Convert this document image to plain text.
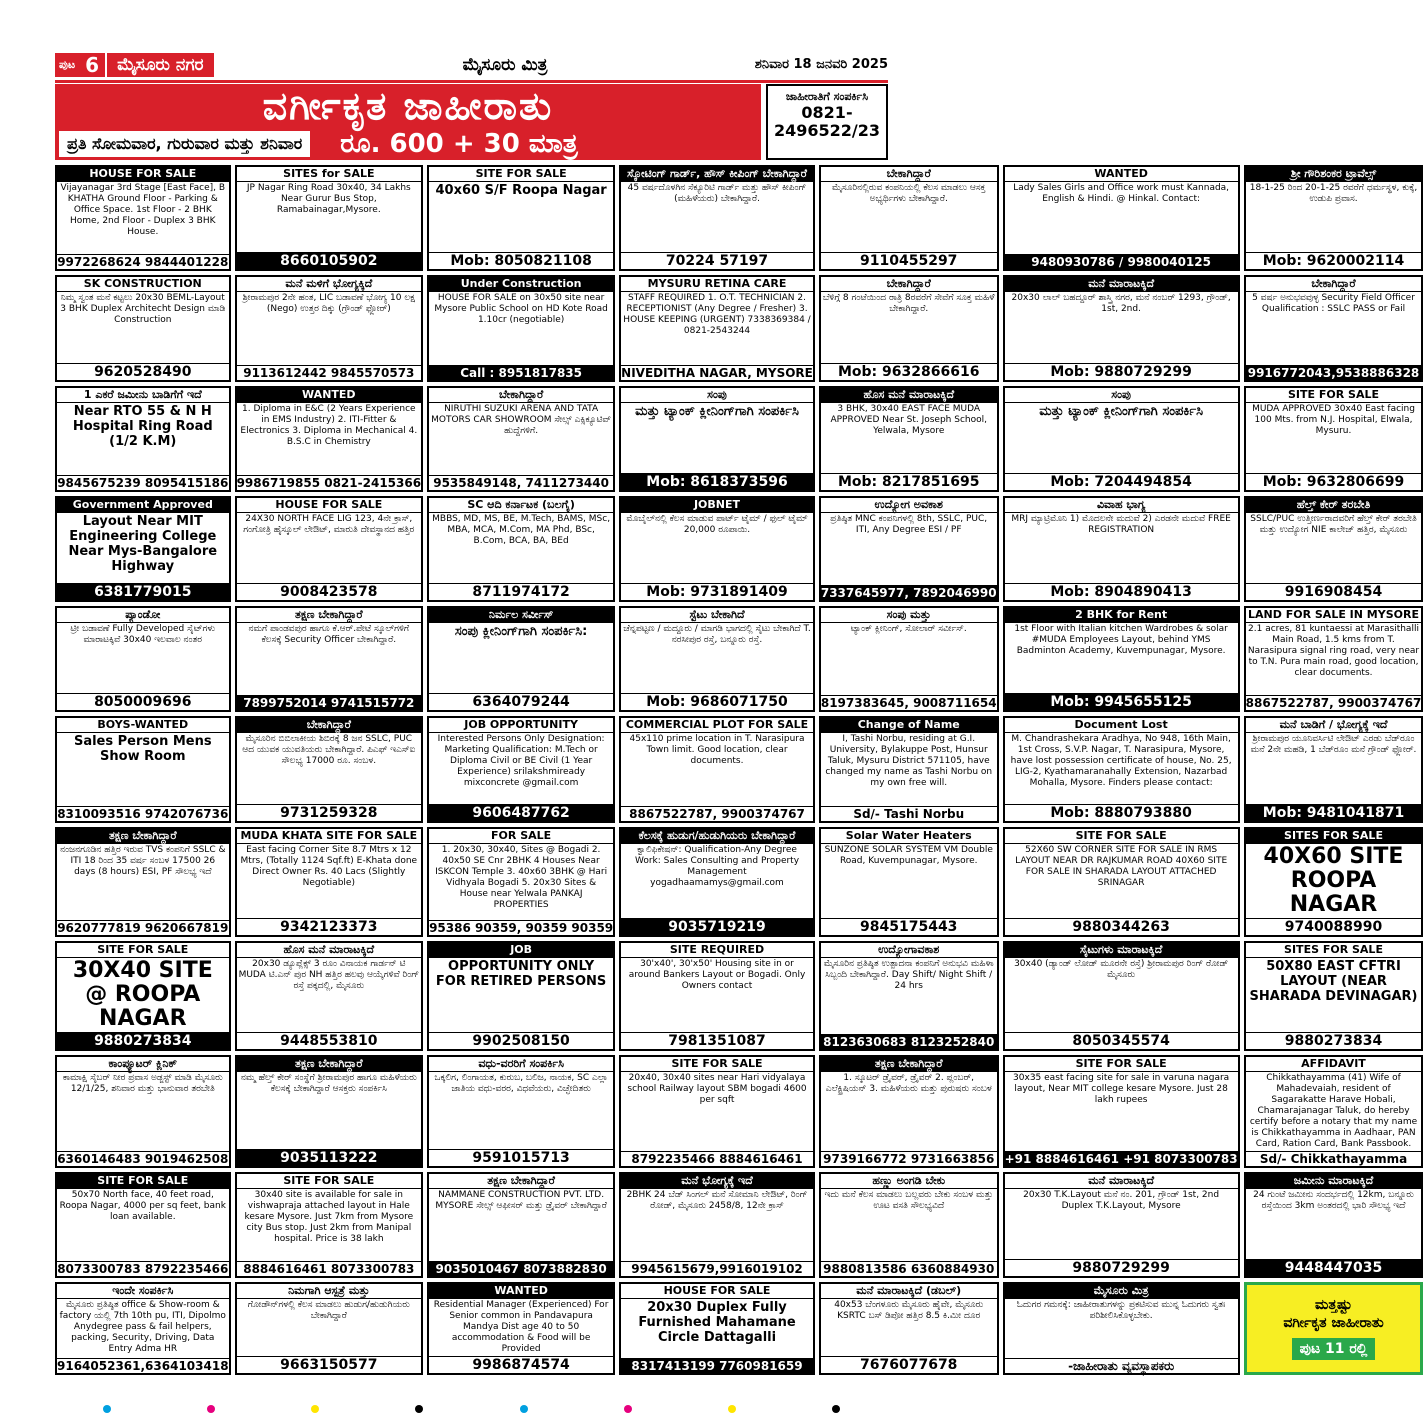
ಪುಟ 6	ಮೈಸೂರು ನಗರ	ಮೈಸೂರು ಮಿತ್ರ	ಶನಿವಾರ 18 ಜನವರಿ 2025
ವರ್ಗೀಕೃತ ಜಾಹೀರಾತು
ಪ್ರತಿ ಸೋಮವಾರ, ಗುರುವಾರ ಮತ್ತು ಶನಿವಾರ	ರೂ. 600 + 30 ಮಾತ್ರ
ಜಾಹೀರಾತಿಗೆ ಸಂಪರ್ಕಿಸಿ
0821-
2496522/23
HOUSE FOR SALE
Vijayanagar 3rd Stage [East Face], B KHATHA Ground Floor - Parking & Office Space. 1st Floor - 2 BHK Home, 2nd Floor - Duplex 3 BHK House.
9972268624 9844401228
SITES for SALE
JP Nagar Ring Road 30x40, 34 Lakhs Near Gurur Bus Stop, Ramabainagar,Mysore.
8660105902
SITE FOR SALE
40x60 S/F Roopa Nagar
Mob: 8050821108
ಸ್ಕೋಟಿಂಗ್ ಗಾರ್ಡ್, ಹೌಸ್ ಕೀಪಿಂಗ್ ಬೇಕಾಗಿದ್ದಾರೆ
45 ವರ್ಷದೊಳಗಿನ ಸೆಕ್ಯೂರಿಟಿ ಗಾರ್ಡ್ ಮತ್ತು ಹೌಸ್ ಕೀಪಿಂಗ್ (ಮಹಿಳೆಯರು) ಬೇಕಾಗಿದ್ದಾರೆ.
70224 57197
ಬೇಕಾಗಿದ್ದಾರೆ
ಮೈಸೂರಿನಲ್ಲಿರುವ ಕಂಪನಿಯಲ್ಲಿ ಕೆಲಸ ಮಾಡಲು ಆಸಕ್ತ ಅಭ್ಯರ್ಥಿಗಳು ಬೇಕಾಗಿದ್ದಾರೆ.
9110455297
WANTED
Lady Sales Girls and Office work must Kannada, English & Hindi. @ Hinkal. Contact:
9480930786 / 9980040125
ಶ್ರೀ ಗೌರಿಶಂಕರ ಟ್ರಾವೆಲ್ಸ್
18-1-25 ರಿಂದ 20-1-25 ರವರೆಗೆ ಧರ್ಮಸ್ಥಳ, ಕುಕ್ಕೆ, ಉಡುಪಿ ಪ್ರವಾಸ.
Mob: 9620002114
SK CONSTRUCTION
ನಿಮ್ಮ ಸ್ವಂತ ಮನೆ ಕಟ್ಟಲು 20x30 BEML-Layout 3 BHK Duplex Architecht Design ಮಾಡಿ Construction
9620528490
ಮನೆ ಮಳಿಗೆ ಭೋಗ್ಯಕ್ಕಿದೆ
ಶ್ರೀರಾಮಪುರ 2ನೇ ಹಂತ, LIC ಬಡಾವಣೆ ಭೋಗ್ಯ 10 ಲಕ್ಷ (Nego) ಉತ್ತರ ದಿಕ್ಕು (ಗ್ರೌಂಡ್ ಫ್ಲೋರ್)
9113612442 9845570573
Under Construction
HOUSE FOR SALE on 30x50 site near Mysore Public School on HD Kote Road 1.10cr (negotiable)
Call : 8951817835
MYSURU RETINA CARE
STAFF REQUIRED 1. O.T. TECHNICIAN 2. RECEPTIONIST (Any Degree / Fresher) 3. HOUSE KEEPING (URGENT) 7338369384 / 0821-2543244
NIVEDITHA NAGAR, MYSORE
ಬೇಕಾಗಿದ್ದಾರೆ
ಬೆಳಿಗ್ಗೆ 8 ಗಂಟೆಯಿಂದ ರಾತ್ರಿ 8ರವರೆಗೆ ಸೇವೆಗೆ ಸೂಕ್ತ ಮಹಿಳೆ ಬೇಕಾಗಿದ್ದಾರೆ.
Mob: 9632866616
ಮನೆ ಮಾರಾಟಕ್ಕಿದೆ
20x30 ಲಾಲ್ ಬಹದ್ದೂರ್ ಶಾಸ್ತ್ರಿ ನಗರ, ಮನೆ ನಂಬರ್ 1293, ಗ್ರೌಂಡ್, 1st, 2nd.
Mob: 9880729299
ಬೇಕಾಗಿದ್ದಾರೆ
5 ವರ್ಷ ಅನುಭವವುಳ್ಳ Security Field Officer Qualification : SSLC PASS or Fail
9916772043,9538886328
1 ಎಕರೆ ಜಮೀನು ಬಾಡಿಗೆಗೆ ಇದೆ
Near RTO 55 & N H Hospital Ring Road (1/2 K.M)
9845675239 8095415186
WANTED
1. Diploma in E&C (2 Years Experience in EMS Industry) 2. ITI-Fitter & Electronics 3. Diploma in Mechanical 4. B.S.C in Chemistry
9986719855 0821-2415366
ಬೇಕಾಗಿದ್ದಾರೆ
NIRUTHI SUZUKI ARENA AND TATA MOTORS CAR SHOWROOM ಸೇಲ್ಸ್ ಎಕ್ಸಿಕ್ಯೂಟಿವ್ ಹುದ್ದೆಗಳಿಗೆ.
9535849148, 7411273440
ಸಂಪು
ಮತ್ತು ಟ್ಯಾಂಕ್ ಕ್ಲೀನಿಂಗ್‌ಗಾಗಿ ಸಂಪರ್ಕಿಸಿ
Mob: 8618373596
ಹೊಸ ಮನೆ ಮಾರಾಟಕ್ಕಿದೆ
3 BHK, 30x40 EAST FACE MUDA APPROVED Near St. Joseph School, Yelwala, Mysore
Mob: 8217851695
ಸಂಪು
ಮತ್ತು ಟ್ಯಾಂಕ್ ಕ್ಲೀನಿಂಗ್‌ಗಾಗಿ ಸಂಪರ್ಕಿಸಿ
Mob: 7204494854
SITE FOR SALE
MUDA APPROVED 30x40 East facing 100 Mts. from N.J. Hospital, Elwala, Mysuru.
Mob: 9632806699
Government Approved
Layout Near MIT Engineering College Near Mys-Bangalore Highway
6381779015
HOUSE FOR SALE
24X30 NORTH FACE LIG 123, 4ನೇ ಕ್ರಾಸ್, ಗಂಗೋತ್ರಿ ಹೈಸ್ಕೂಲ್ ಲೇಔಟ್, ಮಾರುತಿ ದೇವಸ್ಥಾನದ ಹತ್ತಿರ
9008423578
SC ಆದಿ ಕರ್ನಾಟಕ (ಬಲಗೈ)
MBBS, MD, MS, BE, M.Tech, BAMS, MSc, MBA, MCA, M.Com, MA Phd, BSc, B.Com, BCA, BA, BEd
8711974172
JOBNET
ಮೊಬೈಲ್‌ನಲ್ಲಿ ಕೆಲಸ ಮಾಡುವ ಪಾರ್ಟ್ ಟೈಮ್ / ಫುಲ್ ಟೈಮ್ 20,000 ರೂಪಾಯಿ.
Mob: 9731891409
ಉದ್ಯೋಗ ಅವಕಾಶ
ಪ್ರತಿಷ್ಠಿತ MNC ಕಂಪನಿಗಳಲ್ಲಿ 8th, SSLC, PUC, ITI, Any Degree ESI / PF
7337645977, 7892046990
ವಿವಾಹ ಭಾಗ್ಯ
MRJ ಮ್ಯಾಟ್ರಿಮೊನಿ 1) ಮೊದಲನೇ ಮದುವೆ 2) ಎರಡನೇ ಮದುವೆ FREE REGISTRATION
Mob: 8904890413
ಹೆಲ್ತ್ ಕೇರ್ ತರಬೇತಿ
SSLC/PUC ಉತ್ತೀರ್ಣರಾದವರಿಗೆ ಹೆಲ್ತ್ ಕೇರ್ ತರಬೇತಿ ಮತ್ತು ಉದ್ಯೋಗ NIE ಕಾಲೇಜ್ ಹತ್ತಿರ, ಮೈಸೂರು
9916908454
ಪ್ಯಾಂಡೋ
ಟ್ರೀ ಬಡಾವಣೆ Fully Developed ಸೈಟ್‌ಗಳು ಮಾರಾಟಕ್ಕಿವೆ 30x40 ಇಲವಾಲ ನಂತರ
8050009696
ತಕ್ಷಣ ಬೇಕಾಗಿದ್ದಾರೆ
ನಮಗೆ ಪಾಂಡವಪುರ ಹಾಗೂ ಕೆ.ಆರ್.ಪೇಟೆ ಸ್ಕೂಲ್‌ಗಳಿಗೆ ಕೆಲಸಕ್ಕೆ Security Officer ಬೇಕಾಗಿದ್ದಾರೆ.
7899752014 9741515772
ನಿರ್ಮಲ ಸರ್ವೀಸ್
ಸಂಪು ಕ್ಲೀನಿಂಗ್‌ಗಾಗಿ ಸಂಪರ್ಕಿಸಿ:
6364079244
ಸ್ಟೆಟು ಬೇಕಾಗಿದೆ
ಚೆನ್ನಪಟ್ಟಣ / ಮದ್ದೂರು / ಮಾಗಡಿ ಭಾಗದಲ್ಲಿ ಸೈಟು ಬೇಕಾಗಿದೆ T. ನರಸೀಪುರ ರಸ್ತೆ, ಬನ್ನೂರು ರಸ್ತೆ.
Mob: 9686071750
ಸಂಪು ಮತ್ತು
ಟ್ಯಾಂಕ್ ಕ್ಲೀನಿಂಗ್, ಸೋಲಾರ್ ಸರ್ವೀಸ್.
8197383645, 9008711654
2 BHK for Rent
1st Floor with Italian kitchen Wardrobes & solar #MUDA Employees Layout, behind YMS Badminton Academy, Kuvempunagar, Mysore.
Mob: 9945655125
LAND FOR SALE IN MYSORE
2.1 acres, 81 kuntaessi at Marasithalli Main Road, 1.5 kms from T. Narasipura signal ring road, very near to T.N. Pura main road, good location, clear documents.
8867522787, 9900374767
BOYS-WANTED
Sales Person Mens Show Room
8310093516 9742076736
ಬೇಕಾಗಿದ್ದಾರೆ
ಮೈಸೂರಿನ ಬಿಬಿಲಾಕೀಯ ಶಿಬಿರಕ್ಕೆ 8 ಜನ SSLC, PUC ಆದ ಯುವಕ ಯುವತಿಯರು ಬೇಕಾಗಿದ್ದಾರೆ. ಪಿಎಫ್ ಇಎಸ್ಐ ಸೌಲಭ್ಯ 17000 ರೂ. ಸಂಬಳ.
9731259328
JOB OPPORTUNITY
Interested Persons Only Designation: Marketing Qualification: M.Tech or Diploma Civil or BE Civil (1 Year Experience) srilakshmiready mixconcrete @gmail.com
9606487762
COMMERCIAL PLOT FOR SALE
45x110 prime location in T. Narasipura Town limit. Good location, clear documents.
8867522787, 9900374767
Change of Name
I, Tashi Norbu, residing at G.I. University, Bylakuppe Post, Hunsur Taluk, Mysuru District 571105, have changed my name as Tashi Norbu on my own free will.
Sd/- Tashi Norbu
Document Lost
M. Chandrashekara Aradhya, No 948, 16th Main, 1st Cross, S.V.P. Nagar, T. Narasipura, Mysore, have lost possession certificate of house, No. 25, LIG-2, Kyathamaranahally Extension, Nazarbad Mohalla, Mysore. Finders please contact:
Mob: 8880793880
ಮನೆ ಬಾಡಿಗೆ / ಭೋಗ್ಯಕ್ಕೆ ಇದೆ
ಶ್ರೀರಾಮಪುರ ಯೂನಿವರ್ಸಿಟಿ ಲೇಔಟ್ ಎರಡು ಬೆಡ್‌ರೂಂ ಮನೆ 2ನೇ ಮಹಡಿ, 1 ಬೆಡ್‌ರೂಂ ಮನೆ ಗ್ರೌಂಡ್ ಫ್ಲೋರ್.
Mob: 9481041871
ತಕ್ಷಣ ಬೇಕಾಗಿದ್ದಾರೆ
ನಂಜನಗೂಡಿನ ಹತ್ತಿರ ಇರುವ TVS ಕಂಪನಿಗೆ SSLC & ITI 18 ರಿಂದ 35 ವರ್ಷ ಸಂಬಳ 17500 26 days (8 hours) ESI, PF ಸೌಲಭ್ಯ ಇದೆ
9620777819 9620667819
MUDA KHATA SITE FOR SALE
East facing Corner Site 8.7 Mtrs x 12 Mtrs, (Totally 1124 Sqf.ft) E-Khata done Direct Owner Rs. 40 Lacs (Slightly Negotiable)
9342123373
FOR SALE
1. 20x30, 30x40, Sites @ Bogadi 2. 40x50 SE Cnr 2BHK 4 Houses Near ISKCON Temple 3. 40x60 3BHK @ Hari Vidhyala Bogadi 5. 20x30 Sites & House near Yelwala PANKAJ PROPERTIES
95386 90359, 90359 90359
ಕೆಲಸಕ್ಕೆ ಹುಡುಗ/ಹುಡುಗಿಯರು ಬೇಕಾಗಿದ್ದಾರೆ
ಕ್ವಾಲಿಫಿಕೇಷನ್: Qualification-Any Degree Work: Sales Consulting and Property Management yogadhaamamys@gmail.com
9035719219
Solar Water Heaters
SUNZONE SOLAR SYSTEM VM Double Road, Kuvempunagar, Mysore.
9845175443
SITE FOR SALE
52X60 SW CORNER SITE FOR SALE IN RMS LAYOUT NEAR DR RAJKUMAR ROAD 40X60 SITE FOR SALE IN SHARADA LAYOUT ATTACHED SRINAGAR
9880344263
SITES FOR SALE
40X60 SITE ROOPA NAGAR
9740088990
SITE FOR SALE
30X40 SITE @ ROOPA NAGAR
9880273834
ಹೊಸ ಮನೆ ಮಾರಾಟಕ್ಕಿದೆ
20x30 ಡ್ಯೂಪ್ಲೆಕ್ಸ್ 3 ರೂಂ ವಿನಾಯಕ ಗಾರ್ಡನ್ ಟಿ MUDA ಟಿ.ಎನ್ ಪುರ NH ಹತ್ತಿರ ಹಲವು ಆಯ್ಕೆಗಳಿವೆ ರಿಂಗ್ ರಸ್ತೆ ಪಕ್ಕದಲ್ಲಿ, ಮೈಸೂರು
9448553810
JOB
OPPORTUNITY ONLY FOR RETIRED PERSONS
9902508150
SITE REQUIRED
30'x40', 30'x50' Housing site in or around Bankers Layout or Bogadi. Only Owners contact
7981351087
ಉದ್ಯೋಗಾವಕಾಶ
ಮೈಸೂರಿನ ಪ್ರತಿಷ್ಠಿತ ಉತ್ಪಾದನಾ ಕಂಪನಿಗೆ ಅನುಭವಿ ಮಹಿಳಾ ಸಿಬ್ಬಂದಿ ಬೇಕಾಗಿದ್ದಾರೆ. Day Shift/ Night Shift / 24 hrs
8123630683 8123252840
ಸೈಟುಗಳು ಮಾರಾಟಕ್ಕಿದೆ
30x40 (ಡ್ಯಾಂಡ್ ಲೋಡ್ ಮೂರನೇ ರಸ್ತೆ) ಶ್ರೀರಾಮಪುರ ರಿಂಗ್ ರೋಡ್ ಮೈಸೂರು
8050345574
SITES FOR SALE
50X80 EAST CFTRI LAYOUT (NEAR SHARADA DEVINAGAR)
9880273834
ಕಾಂಪ್ಯೂಟರ್ ಕ್ಲಿನಿಕ್
ಕಾಮಾಕ್ಷಿ ಸೈಬರ್ ನೀರ ಪ್ರವಾಸ ಅಡ್ಜಸ್ಟ್ ಮಾಡಿ ಮೈಸೂರು 12/1/25, ಶನಿವಾರ ಮತ್ತು ಭಾನುವಾರ ತರಬೇತಿ
6360146483 9019462508
ತಕ್ಷಣ ಬೇಕಾಗಿದ್ದಾರೆ
ನಮ್ಮ ಹೆಲ್ತ್ ಕೇರ್ ಸಂಸ್ಥೆಗೆ ಶ್ರೀರಾಮಪುರ ಹಾಗೂ ಮಹಿಳೆಯರು ಕೆಲಸಕ್ಕೆ ಬೇಕಾಗಿದ್ದಾರೆ ಆಸಕ್ತರು ಸಂಪರ್ಕಿಸಿ
9035113222
ವಧು-ವರರಿಗೆ ಸಂಪರ್ಕಿಸಿ
ಒಕ್ಕಲಿಗ, ಲಿಂಗಾಯತ, ಕುರುಬ, ಬಲಿಜ, ನಾಯಕ, SC ಎಲ್ಲಾ ಜಾತಿಯ ವಧು-ವರರ, ವಿಧವೆಯರು, ವಿಚ್ಛೇದಿತರು
9591015713
SITE FOR SALE
20x40, 30x40 sites near Hari vidyalaya school Railway layout SBM bogadi 4600 per sqft
8792235466 8884616461
ತಕ್ಷಣ ಬೇಕಾಗಿದ್ದಾರೆ
1. ಸ್ಕೂಟರ್ ಡ್ರೈವರ್, ಡ್ರೈವರ್ 2. ಪ್ಲಂಬರ್, ಎಲೆಕ್ಟ್ರಿಷಿಯನ್ 3. ಮಹಿಳೆಯರು ಮತ್ತು ಪುರುಷರು ಸಂಬಳ
9739166772 9731663856
SITE FOR SALE
30x35 east facing site for sale in varuna nagara layout, Near MIT college kesare Mysore. Just 28 lakh rupees
+91 8884616461 +91 8073300783
AFFIDAVIT
Chikkathayamma (41) Wife of Mahadevaiah, resident of Sagarakatte Harave Hobali, Chamarajanagar Taluk, do hereby certify before a notary that my name is Chikkathayamma in Aadhaar, PAN Card, Ration Card, Bank Passbook.
Sd/- Chikkathayamma
SITE FOR SALE
50x70 North face, 40 feet road, Roopa Nagar, 4000 per sq feet, bank loan available.
8073300783 8792235466
SITE FOR SALE
30x40 site is available for sale in vishwapraja attached layout in Hale kesare Mysore. Just 7km from Mysore city Bus stop. Just 2km from Manipal hospital. Price is 38 lakh
8884616461 8073300783
ತಕ್ಷಣ ಬೇಕಾಗಿದ್ದಾರೆ
NAMMANE CONSTRUCTION PVT. LTD. MYSORE ಸೇಲ್ಸ್ ಆಫೀಸರ್ ಮತ್ತು ಡ್ರೈವರ್ ಬೇಕಾಗಿದ್ದಾರೆ
9035010467 8073882830
ಮನೆ ಭೋಗ್ಯಕ್ಕೆ ಇದೆ
2BHK 24 ಬೆಡ್ ಸಿಂಗಲ್ ಮನೆ ಸೋಮಾನಿ ಲೇಔಟ್, ರಿಂಗ್ ರೋಡ್, ಮೈಸೂರು 2458/8, 12ನೇ ಕ್ರಾಸ್
9945615679,9916019102
ಹಣ್ಣು ಅಂಗಡಿ ಬೇಕು
ಇದು ಮನೆ ಕೆಲಸ ಮಾಡಲು ಬಲ್ಲವರು ಬೇಕು ಸಂಬಳ ಮತ್ತು ಊಟ ವಸತಿ ಸೌಲಭ್ಯವಿದೆ
9880813586 6360884930
ಮನೆ ಮಾರಾಟಕ್ಕಿದೆ
20x30 T.K.Layout ಮನೆ ನಂ. 201, ಗ್ರೌಂಡ್ 1st, 2nd Duplex T.K.Layout, Mysore
9880729299
ಜಮೀನು ಮಾರಾಟಕ್ಕಿದೆ
24 ಗುಂಟೆ ಜಮೀನು ಸಂದರ್ಭದಲ್ಲಿ 12km, ಬನ್ನೂರು ರಸ್ತೆಯಿಂದ 3km ಅಂತರದಲ್ಲಿ ಭಾರಿ ಸೌಲಭ್ಯ ಇದೆ
9448447035
ಇಂದೇ ಸಂಪರ್ಕಿಸಿ
ಮೈಸೂರು ಪ್ರತಿಷ್ಠಿತ office & Show-room & factory ಯಲ್ಲಿ 7th 10th pu, ITI, Dipolmo Anydegree pass & fail helpers, packing, Security, Driving, Data Entry Adma HR
9164052361,6364103418
ನಿಮಗಾಗಿ ಆಸ್ಪತ್ರೆ ಮತ್ತು
ಗೋಡೌನ್‌ಗಳಲ್ಲಿ ಕೆಲಸ ಮಾಡಲು ಹುಡುಗ/ಹುಡುಗಿಯರು ಬೇಕಾಗಿದ್ದಾರೆ
9663150577
WANTED
Residential Manager (Experienced) For Senior common in Pandavapura Mandya Dist age 40 to 50 accommodation & Food will be Provided
9986874574
HOUSE FOR SALE
20x30 Duplex Fully Furnished Mahamane Circle Dattagalli
8317413199 7760981659
ಮನೆ ಮಾರಾಟಕ್ಕಿದೆ (ಡಬಲ್)
40x53 ಬೆಂಗಳೂರು ಮೈಸೂರು ಹೈವೇ, ಮೈಸೂರು KSRTC ಬಸ್ ಡಿಪೋ ಹತ್ತಿರ 8.5 ಕಿ.ಮೀ ದೂರ
7676077678
ಮೈಸೂರು ಮಿತ್ರ
ಓದುಗರ ಗಮನಕ್ಕೆ: ಜಾಹೀರಾತುಗಳನ್ನು ಪ್ರಕಟಿಸುವ ಮುನ್ನ ಓದುಗರು ಸ್ವತಃ ಪರಿಶೀಲಿಸಿಕೊಳ್ಳಬೇಕು.
-ಜಾಹೀರಾತು ವ್ಯವಸ್ಥಾಪಕರು
ಮತ್ತಷ್ಟು
ವರ್ಗೀಕೃತ ಜಾಹೀರಾತು
ಪುಟ 11 ರಲ್ಲಿ
